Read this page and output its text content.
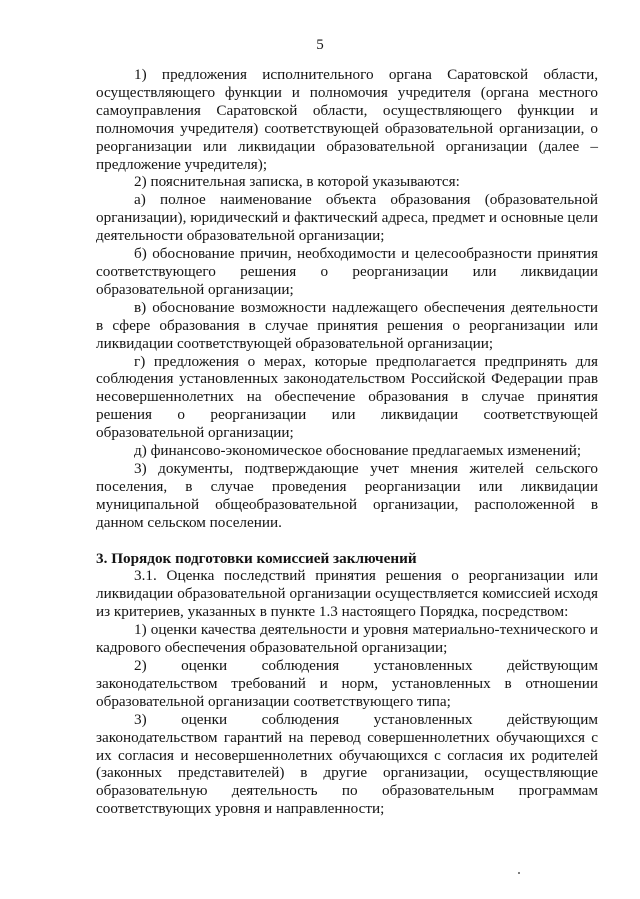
5

1) предложения исполнительного органа Саратовской области, осуществляющего функции и полномочия учредителя (органа местного самоуправления Саратовской области, осуществляющего функции и полномочия учредителя) соответствующей образовательной организации, о реорганизации или ликвидации образовательной организации (далее – предложение учредителя);

2) пояснительная записка, в которой указываются:

а) полное наименование объекта образования (образовательной организации), юридический и фактический адреса, предмет и основные цели деятельности образовательной организации;

б) обоснование причин, необходимости и целесообразности принятия соответствующего решения о реорганизации или ликвидации образовательной организации;

в) обоснование возможности надлежащего обеспечения деятельности в сфере образования в случае принятия решения о реорганизации или ликвидации соответствующей образовательной организации;

г) предложения о мерах, которые предполагается предпринять для соблюдения установленных законодательством Российской Федерации прав несовершеннолетних на обеспечение образования в случае принятия решения о реорганизации или ликвидации соответствующей образовательной организации;

д) финансово-экономическое обоснование предлагаемых изменений;

3) документы, подтверждающие учет мнения жителей сельского поселения, в случае проведения реорганизации или ликвидации муниципальной общеобразовательной организации, расположенной в данном сельском поселении.

3. Порядок подготовки комиссией заключений

3.1. Оценка последствий принятия решения о реорганизации или ликвидации образовательной организации осуществляется комиссией исходя из критериев, указанных в пункте 1.3 настоящего Порядка, посредством:

1) оценки качества деятельности и уровня материально-технического и кадрового обеспечения образовательной организации;

2) оценки соблюдения установленных действующим законодательством требований и норм, установленных в отношении образовательной организации соответствующего типа;

3) оценки соблюдения установленных действующим законодательством гарантий на перевод совершеннолетних обучающихся с их согласия и несовершеннолетних обучающихся с согласия их родителей (законных представителей) в другие организации, осуществляющие образовательную деятельность по образовательным программам соответствующих уровня и направленности;
